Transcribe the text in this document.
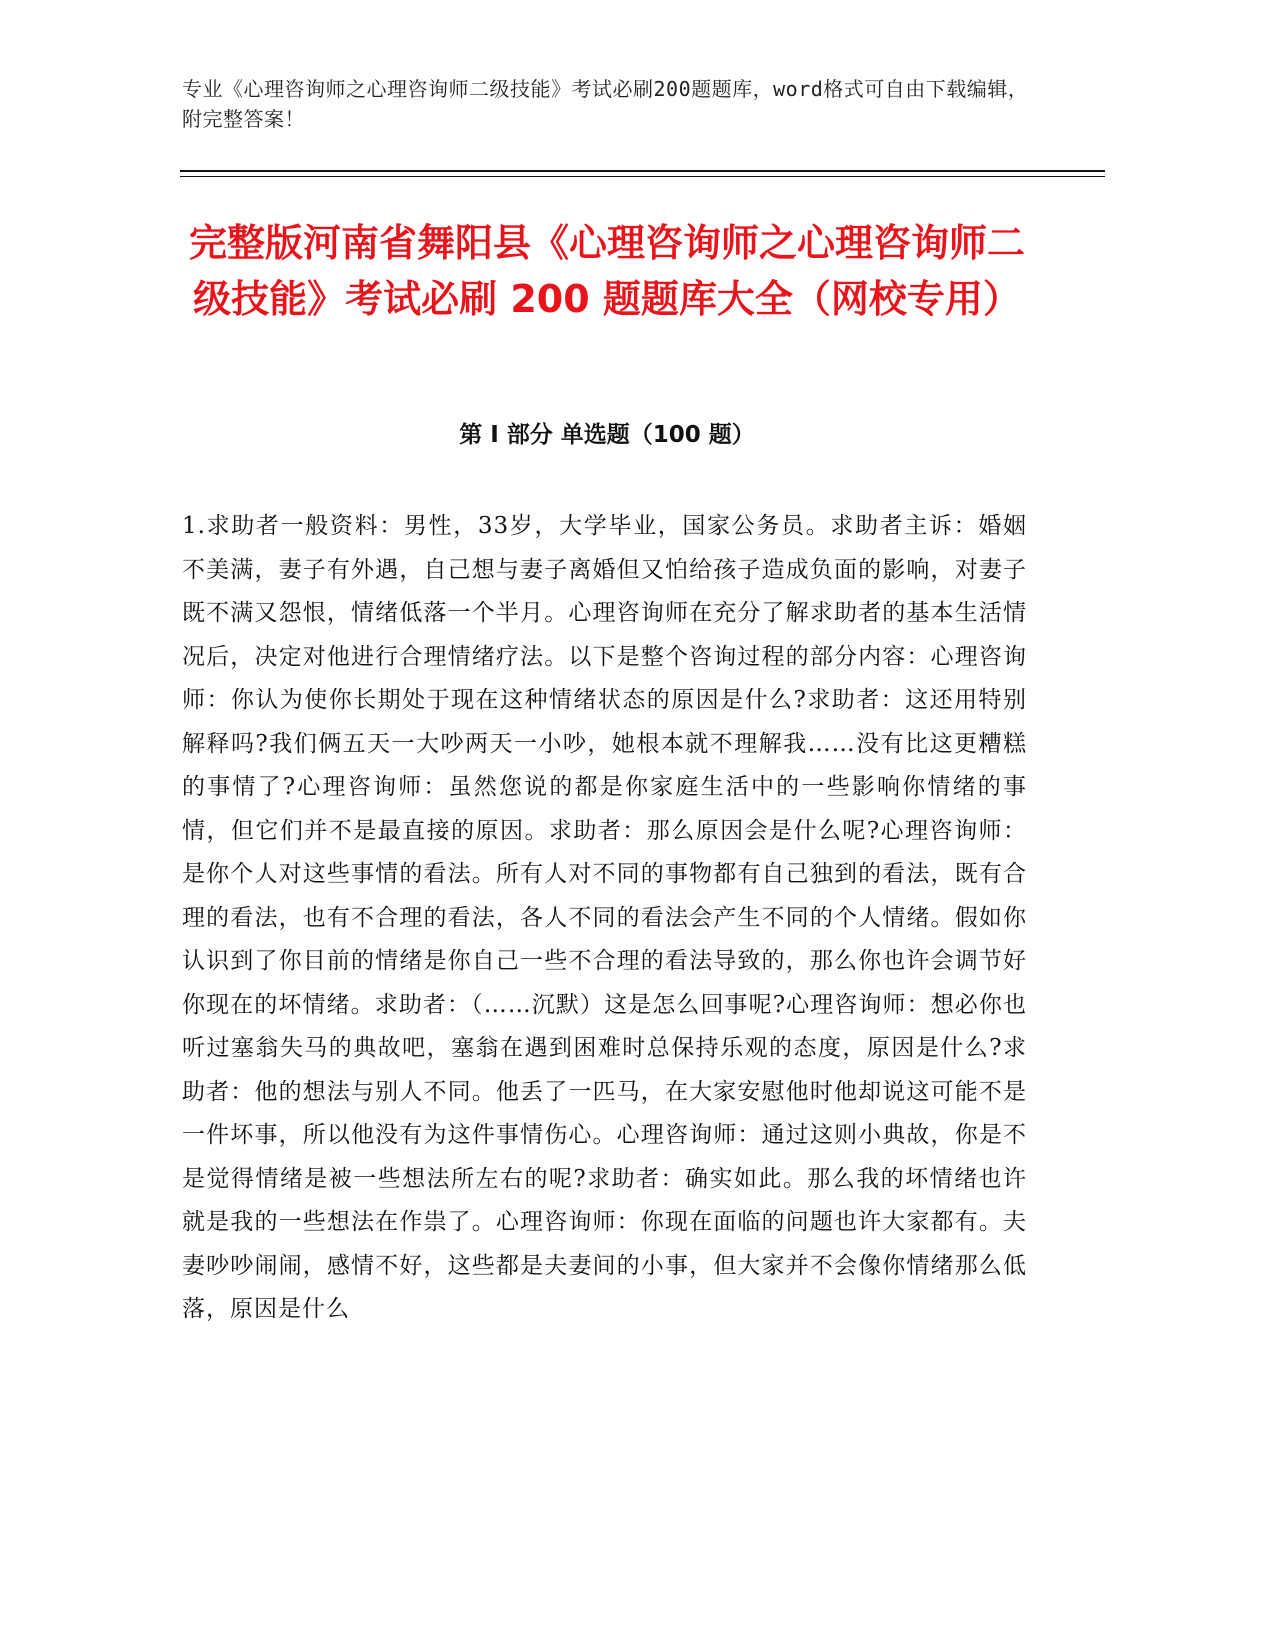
专业《心理咨询师之心理咨询师二级技能》考试必刷200题题库，word格式可自由下载编辑，附完整答案！
完整版河南省舞阳县《心理咨询师之心理咨询师二级技能》考试必刷 200 题题库大全（网校专用）
第 I 部分 单选题（100 题）

1.求助者一般资料：男性，33岁，大学毕业，国家公务员。求助者主诉：婚姻不美满，妻子有外遇，自己想与妻子离婚但又怕给孩子造成负面的影响，对妻子既不满又怨恨，情绪低落一个半月。心理咨询师在充分了解求助者的基本生活情况后，决定对他进行合理情绪疗法。以下是整个咨询过程的部分内容：心理咨询师：你认为使你长期处于现在这种情绪状态的原因是什么?求助者：这还用特别解释吗?我们俩五天一大吵两天一小吵，她根本就不理解我……没有比这更糟糕的事情了?心理咨询师：虽然您说的都是你家庭生活中的一些影响你情绪的事情，但它们并不是最直接的原因。求助者：那么原因会是什么呢?心理咨询师：是你个人对这些事情的看法。所有人对不同的事物都有自己独到的看法，既有合理的看法，也有不合理的看法，各人不同的看法会产生不同的个人情绪。假如你认识到了你目前的情绪是你自己一些不合理的看法导致的，那么你也许会调节好你现在的坏情绪。求助者：（……沉默）这是怎么回事呢?心理咨询师：想必你也听过塞翁失马的典故吧，塞翁在遇到困难时总保持乐观的态度，原因是什么?求助者：他的想法与别人不同。他丢了一匹马，在大家安慰他时他却说这可能不是一件坏事，所以他没有为这件事情伤心。心理咨询师：通过这则小典故，你是不是觉得情绪是被一些想法所左右的呢?求助者：确实如此。那么我的坏情绪也许就是我的一些想法在作祟了。心理咨询师：你现在面临的问题也许大家都有。夫妻吵吵闹闹，感情不好，这些都是夫妻间的小事，但大家并不会像你情绪那么低落，原因是什么
